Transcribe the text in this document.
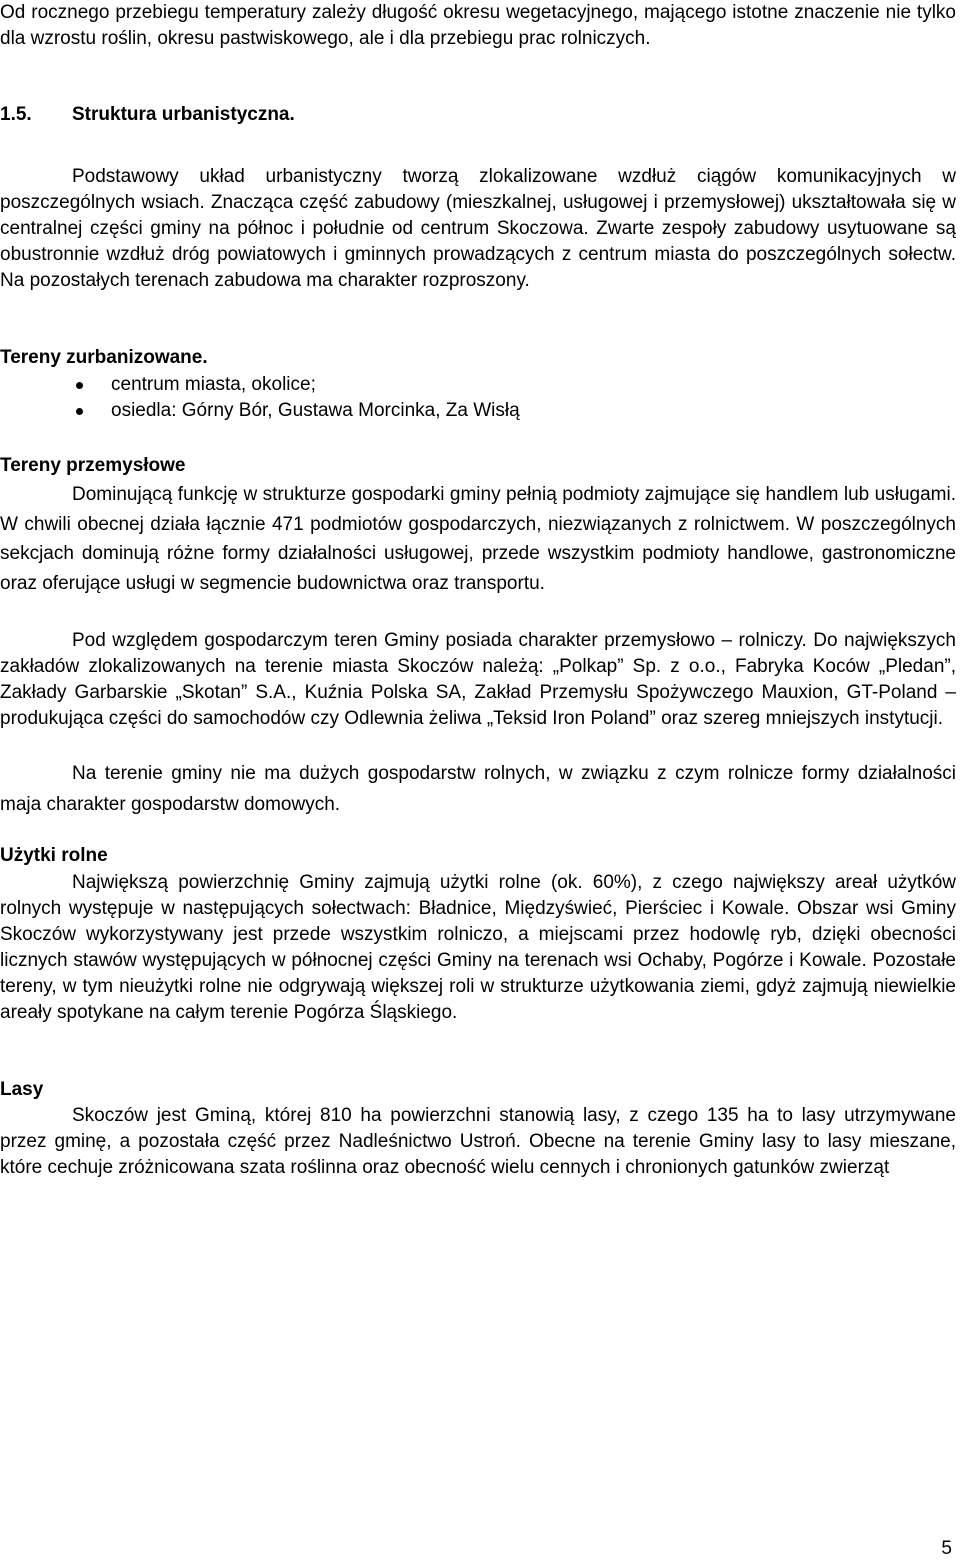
Od rocznego przebiegu temperatury zależy długość okresu wegetacyjnego, mającego istotne znaczenie nie tylko dla wzrostu roślin, okresu pastwiskowego, ale i dla przebiegu prac rolniczych.

1.5. Struktura urbanistyczna.

Podstawowy układ urbanistyczny tworzą zlokalizowane wzdłuż ciągów komunikacyjnych w poszczególnych wsiach. Znacząca część zabudowy (mieszkalnej, usługowej i przemysłowej) ukształtowała się w centralnej części gminy na północ i południe od centrum Skoczowa. Zwarte zespoły zabudowy usytuowane są obustronnie wzdłuż dróg powiatowych i gminnych prowadzących z centrum miasta do poszczególnych sołectw. Na pozostałych terenach zabudowa ma charakter rozproszony.

Tereny zurbanizowane.
centrum miasta, okolice;
osiedla: Górny Bór, Gustawa Morcinka, Za Wisłą
Tereny przemysłowe

Dominującą funkcję w strukturze gospodarki gminy pełnią podmioty zajmujące się handlem lub usługami. W chwili obecnej działa łącznie 471 podmiotów gospodarczych, niezwiązanych z rolnictwem. W poszczególnych sekcjach dominują różne formy działalności usługowej, przede wszystkim podmioty handlowe, gastronomiczne oraz oferujące usługi w segmencie budownictwa oraz transportu.

Pod względem gospodarczym teren Gminy posiada charakter przemysłowo – rolniczy. Do największych zakładów zlokalizowanych na terenie miasta Skoczów należą: „Polkap” Sp. z o.o., Fabryka Koców „Pledan”, Zakłady Garbarskie „Skotan” S.A., Kuźnia Polska SA, Zakład Przemysłu Spożywczego Mauxion, GT-Poland – produkująca części do samochodów czy Odlewnia żeliwa „Teksid Iron Poland” oraz szereg mniejszych instytucji.

Na terenie gminy nie ma dużych gospodarstw rolnych, w związku z czym rolnicze formy działalności maja charakter gospodarstw domowych.

Użytki rolne

Największą powierzchnię Gminy zajmują użytki rolne (ok. 60%), z czego największy areał użytków rolnych występuje w następujących sołectwach: Bładnice, Międzyświeć, Pierściec i Kowale. Obszar wsi Gminy Skoczów wykorzystywany jest przede wszystkim rolniczo, a miejscami przez hodowlę ryb, dzięki obecności licznych stawów występujących w północnej części Gminy na terenach wsi Ochaby, Pogórze i Kowale. Pozostałe tereny, w tym nieużytki rolne nie odgrywają większej roli w strukturze użytkowania ziemi, gdyż zajmują niewielkie areały spotykane na całym terenie Pogórza Śląskiego.

Lasy

Skoczów jest Gminą, której 810 ha powierzchni stanowią lasy, z czego 135 ha to lasy utrzymywane przez gminę, a pozostała część przez Nadleśnictwo Ustroń. Obecne na terenie Gminy lasy to lasy mieszane, które cechuje zróżnicowana szata roślinna oraz obecność wielu cennych i chronionych gatunków zwierząt

5
